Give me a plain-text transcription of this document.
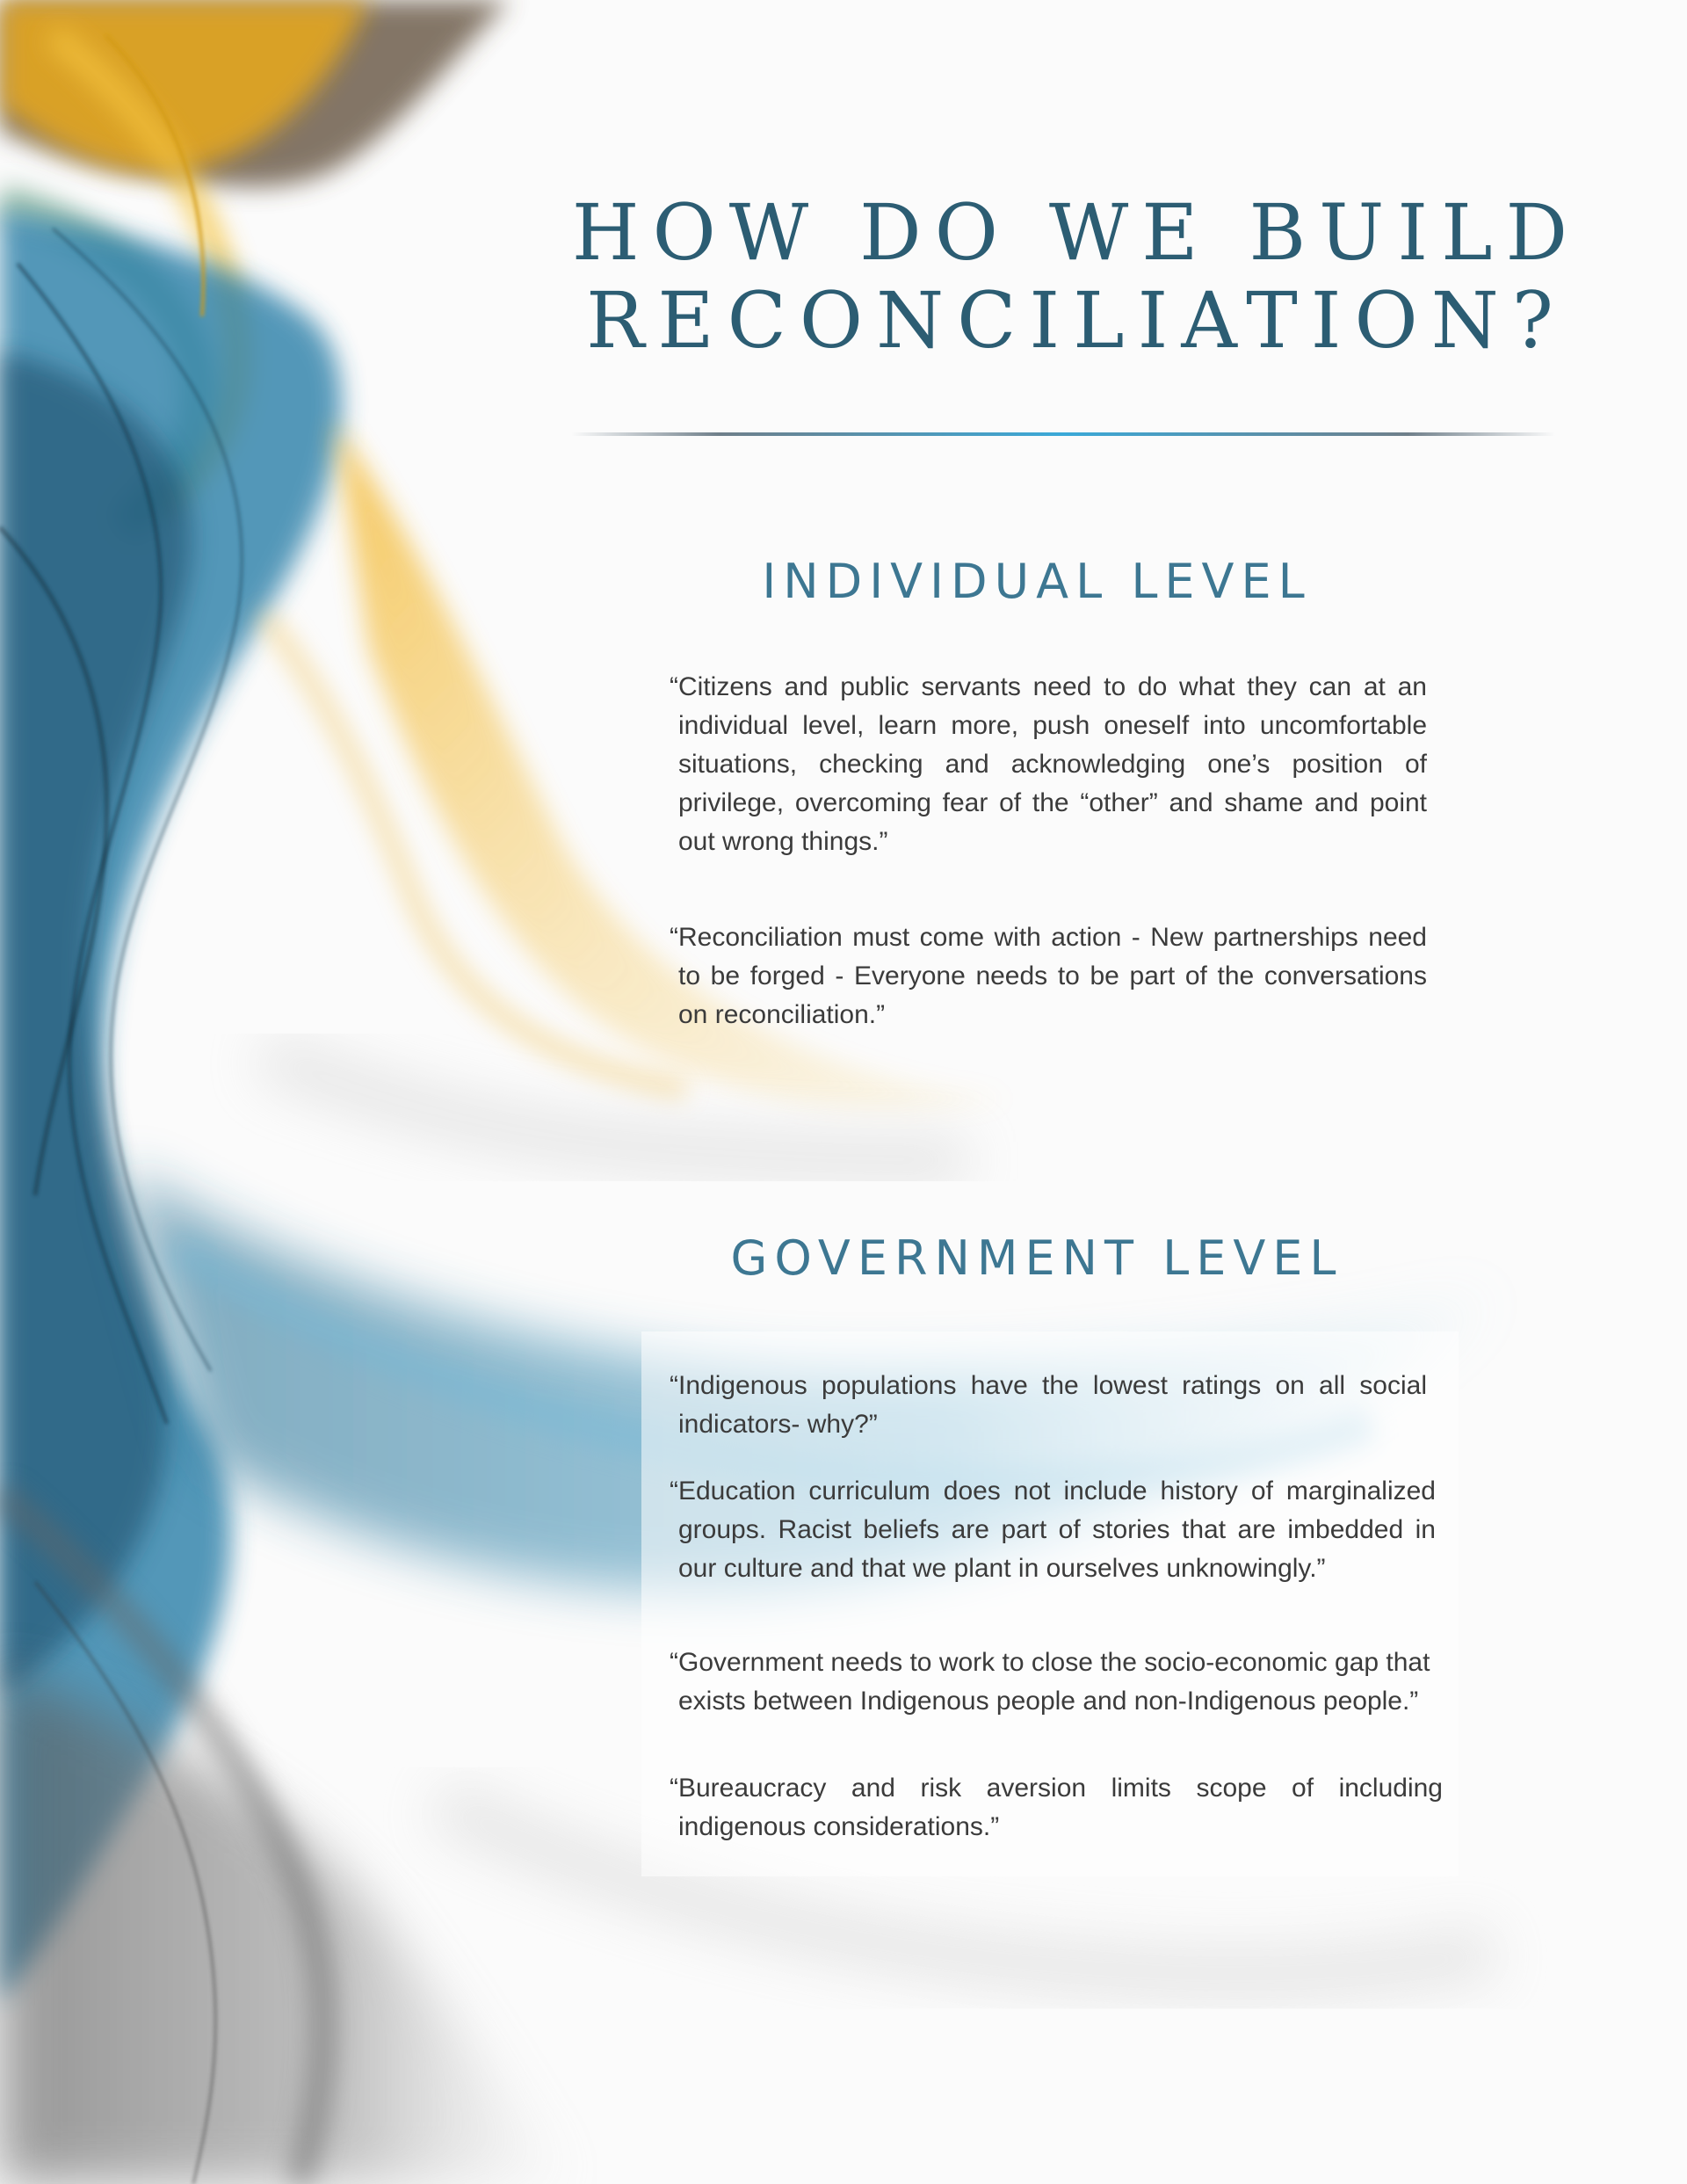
HOW DO WE BUILD
RECONCILIATION?
INDIVIDUAL LEVEL

“Citizens and public servants need to do what they can at an individual level, learn more, push oneself into uncomfortable situations, checking and acknowledging one’s position of privilege, overcoming fear of the “other” and shame and point out wrong things.”

“Reconciliation must come with action - New partnerships need to be forged - Everyone needs to be part of the conversations on reconciliation.”

GOVERNMENT LEVEL

“Indigenous populations have the lowest ratings on all social indicators- why?”

“Education curriculum does not include history of marginalized groups. Racist beliefs are part of stories that are imbedded in our culture and that we plant in ourselves unknowingly.”

“Government needs to work to close the socio-economic gap that exists between Indigenous people and non-Indigenous people.”

“Bureaucracy and risk aversion limits scope of including indigenous considerations.”
